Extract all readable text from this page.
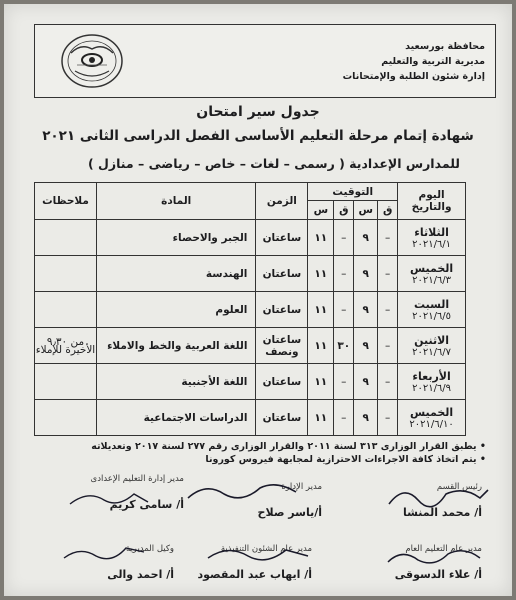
محافظة بورسعيد
مديرية التربية والتعليم
إدارة شئون الطلبة والإمتحانات
جدول سير امتحان
شهادة إتمام مرحلة التعليم الأساسى الفصل الدراسى الثانى ٢٠٢١
للمدارس الإعدادية ( رسمى – لغات – خاص – رياضى – منازل )
اليوم والتاريخ	التوقيت				الزمن	المادة	ملاحظات
	ق	س	ق	س			

الثلاثاء
٢٠٢١/٦/١	–	٩	–	١١	ساعتان	الجبر والاحصاء	

الخميس
٢٠٢١/٦/٣	–	٩	–	١١	ساعتان	الهندسة	

السبت
٢٠٢١/٦/٥	–	٩	–	١١	ساعتان	العلوم	

الاثنين
٢٠٢١/٦/٧	–	٩	٣٠	١١	ساعتان ونصف	اللغة العربية والخط والاملاء	من ٩٫٣٠ الأخيرة للإملاء

الأربعاء
٢٠٢١/٦/٩	–	٩	–	١١	ساعتان	اللغة الأجنبية	

الخميس
٢٠٢١/٦/١٠	–	٩	–	١١	ساعتان	الدراسات الاجتماعية	
• يطبق القرار الوزارى ٣١٣ لسنة ٢٠١١ والقرار الوزارى رقم ٢٧٧ لسنة ٢٠١٧ وتعديلاته
• يتم اتخاذ كافة الاجراءات الاحترازية لمجابهة فيروس كورونا
رئيس القسم
أ/ محمد المنشا
مدير الإدارة
أ/ياسر صلاح
مدير إدارة التعليم الإعدادى
أ/ سامى كريم
مدير عام التعليم العام
أ/ علاء الدسوقى
مدير عام الشئون التنفيذية
أ/ ايهاب عبد المقصود
وكيل المديرية
أ/ احمد والى
